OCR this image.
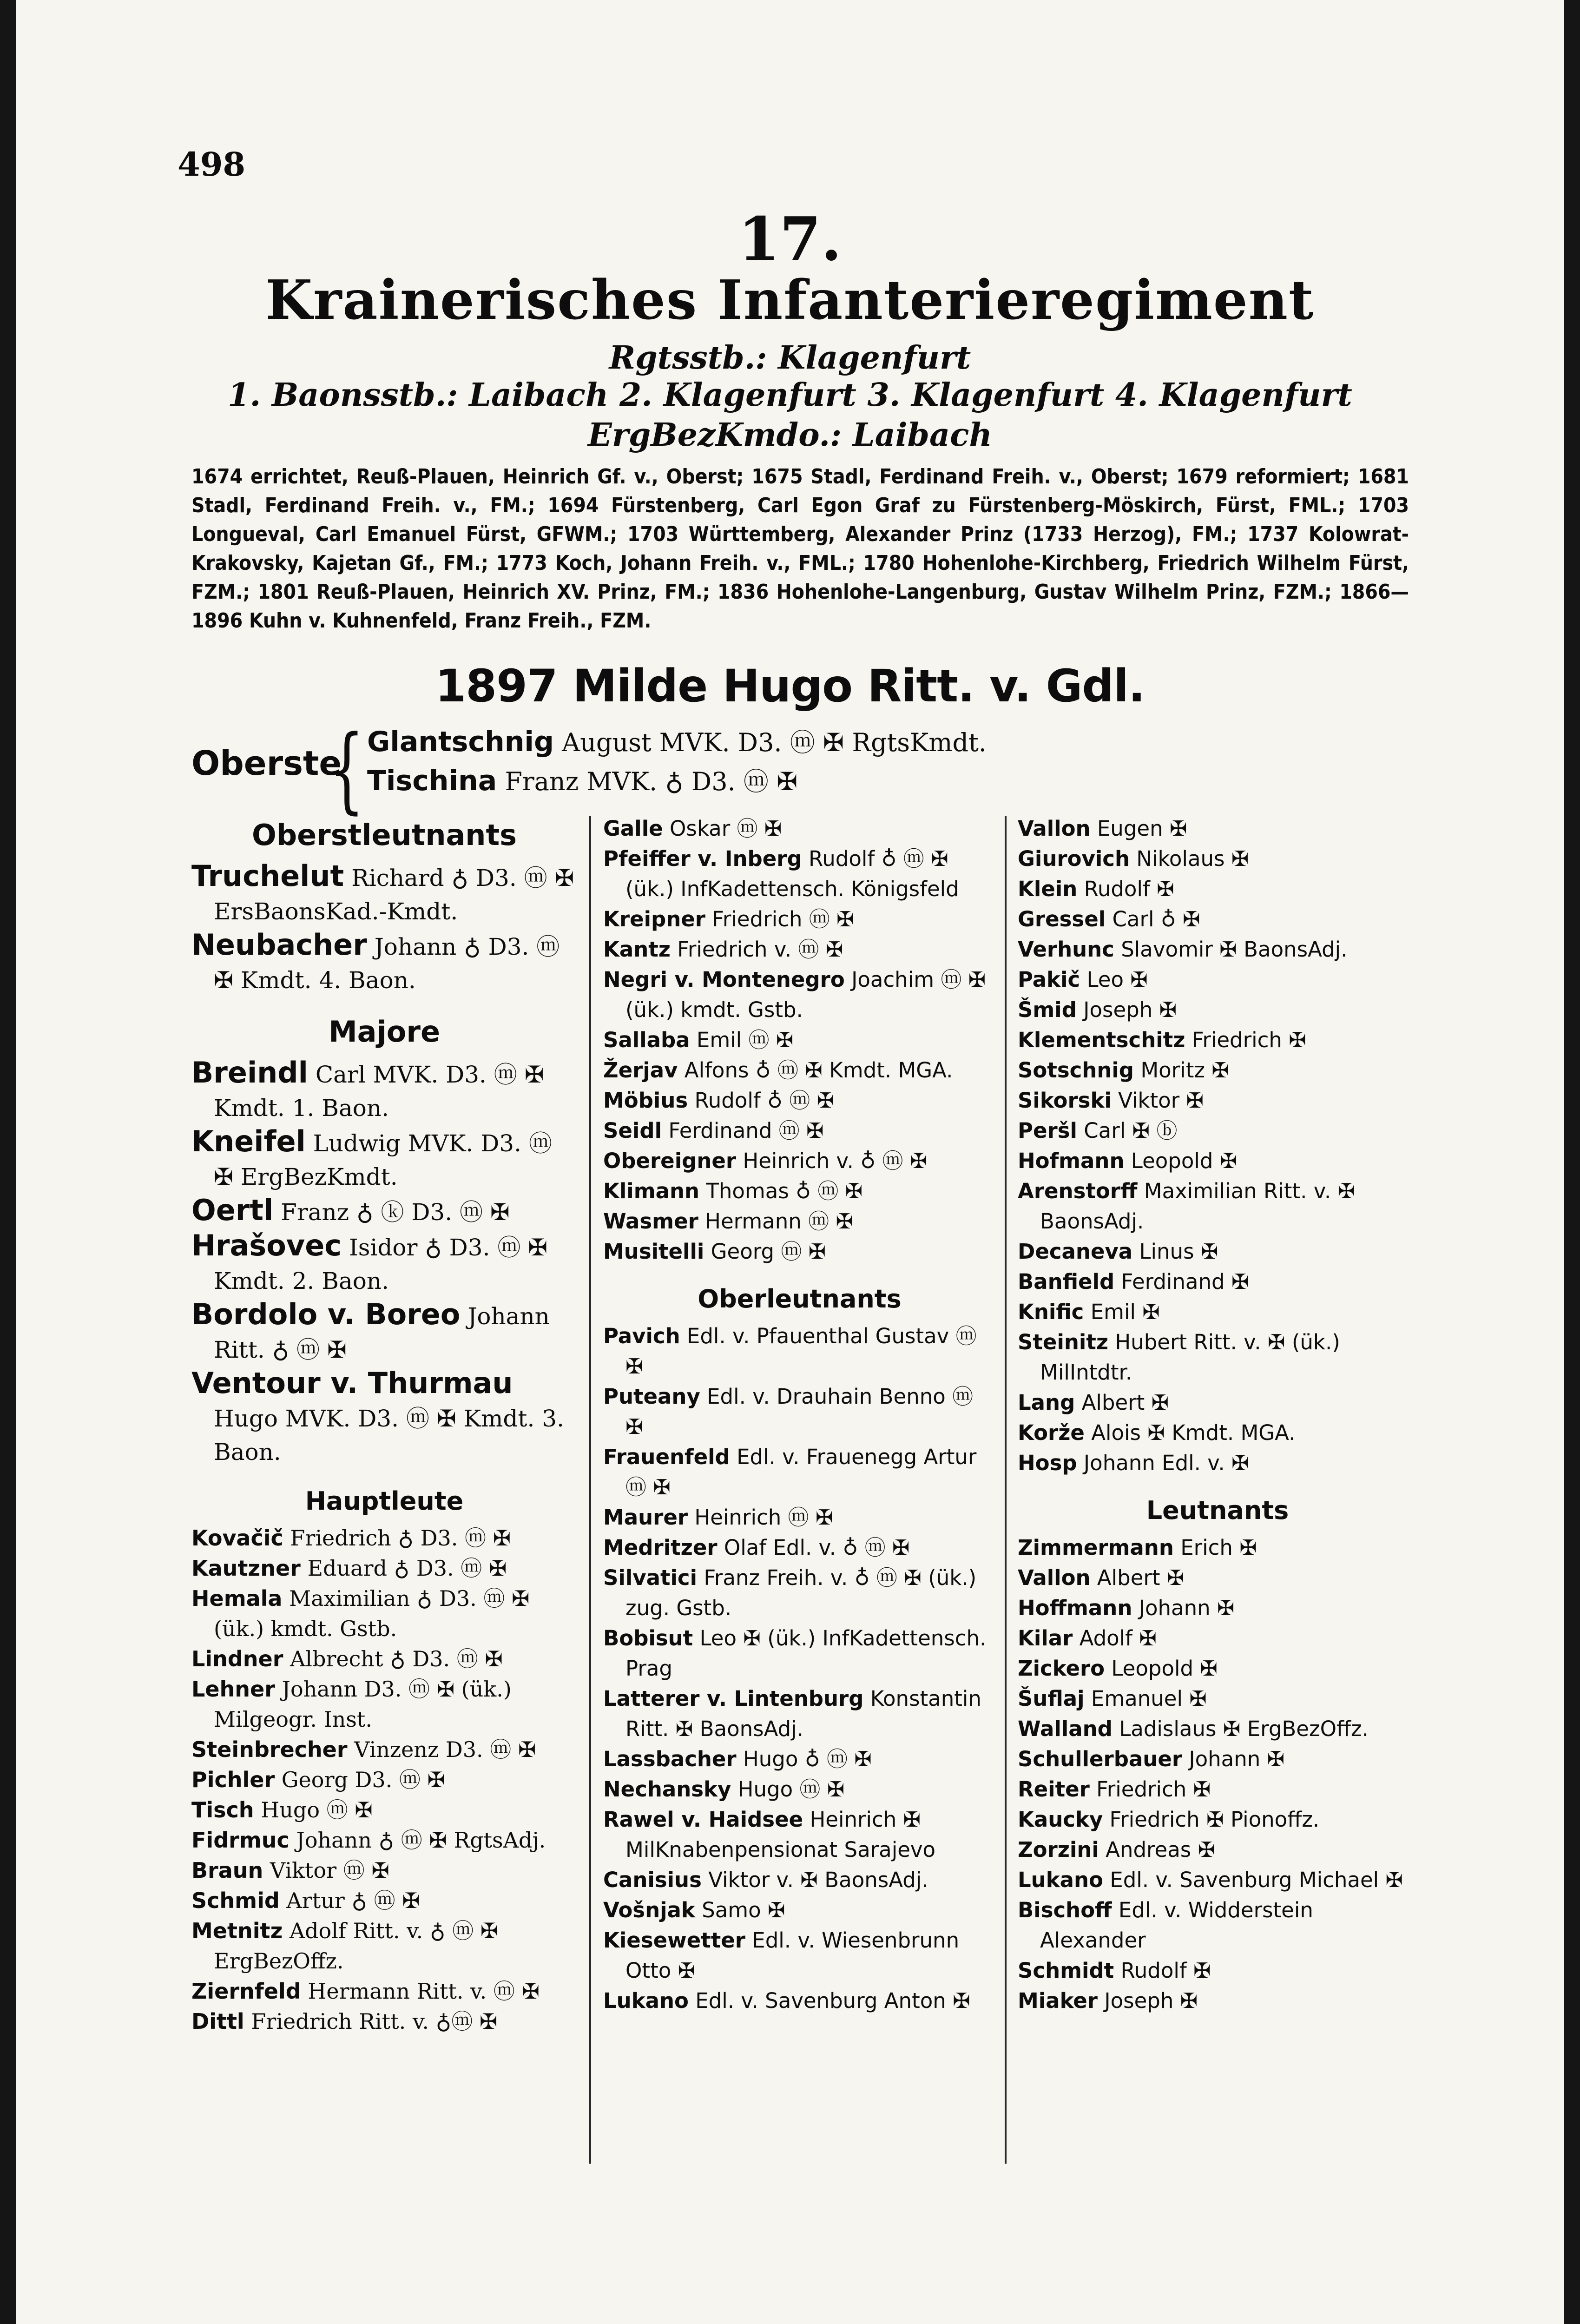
498
17.
Krainerisches Infanterieregiment
Rgtsstb.: Klagenfurt
1. Baonsstb.: Laibach 2. Klagenfurt 3. Klagenfurt 4. Klagenfurt
ErgBezKmdo.: Laibach
1674 errichtet, Reuß-Plauen, Heinrich Gf. v., Oberst; 1675 Stadl, Ferdinand Freih. v., Oberst; 1679 reformiert; 1681 Stadl, Ferdinand Freih. v., FM.; 1694 Fürstenberg, Carl Egon Graf zu Fürstenberg-Möskirch, Fürst, FML.; 1703 Longueval, Carl Emanuel Fürst, GFWM.; 1703 Württemberg, Alexander Prinz (1733 Herzog), FM.; 1737 Kolowrat-Krakovsky, Kajetan Gf., FM.; 1773 Koch, Johann Freih. v., FML.; 1780 Hohenlohe-Kirchberg, Friedrich Wilhelm Fürst, FZM.; 1801 Reuß-Plauen, Heinrich XV. Prinz, FM.; 1836 Hohenlohe-Langenburg, Gustav Wilhelm Prinz, FZM.; 1866—1896 Kuhn v. Kuhnenfeld, Franz Freih., FZM.
1897 Milde Hugo Ritt. v. Gdl.
Oberste
{ Glantschnig August MVK. D3. ⓜ ✠ RgtsKmdt.
Tischina Franz MVK. ♁ D3. ⓜ ✠
Oberstleutnants
Truchelut Richard ♁ D3. ⓜ ✠ ErsBaonsKad.-Kmdt.
Neubacher Johann ♁ D3. ⓜ ✠ Kmdt. 4. Baon.
Majore
Breindl Carl MVK. D3. ⓜ ✠ Kmdt. 1. Baon.
Kneifel Ludwig MVK. D3. ⓜ ✠ ErgBezKmdt.
Oertl Franz ♁ ⓚ D3. ⓜ ✠
Hrašovec Isidor ♁ D3. ⓜ ✠ Kmdt. 2. Baon.
Bordolo v. Boreo Johann Ritt. ♁ ⓜ ✠
Ventour v. Thurmau Hugo MVK. D3. ⓜ ✠ Kmdt. 3. Baon.
Hauptleute
Kovačič Friedrich ♁ D3. ⓜ ✠
Kautzner Eduard ♁ D3. ⓜ ✠
Hemala Maximilian ♁ D3. ⓜ ✠ (ük.) kmdt. Gstb.
Lindner Albrecht ♁ D3. ⓜ ✠
Lehner Johann D3. ⓜ ✠ (ük.) Milgeogr. Inst.
Steinbrecher Vinzenz D3. ⓜ ✠
Pichler Georg D3. ⓜ ✠
Tisch Hugo ⓜ ✠
Fidrmuc Johann ♁ ⓜ ✠ RgtsAdj.
Braun Viktor ⓜ ✠
Schmid Artur ♁ ⓜ ✠
Metnitz Adolf Ritt. v. ♁ ⓜ ✠ ErgBezOffz.
Ziernfeld Hermann Ritt. v. ⓜ ✠
Dittl Friedrich Ritt. v. ♁ⓜ ✠
Galle Oskar ⓜ ✠
Pfeiffer v. Inberg Rudolf ♁ ⓜ ✠ (ük.) InfKadettensch. Königsfeld
Kreipner Friedrich ⓜ ✠
Kantz Friedrich v. ⓜ ✠
Negri v. Montenegro Joachim ⓜ ✠ (ük.) kmdt. Gstb.
Sallaba Emil ⓜ ✠
Žerjav Alfons ♁ ⓜ ✠ Kmdt. MGA.
Möbius Rudolf ♁ ⓜ ✠
Seidl Ferdinand ⓜ ✠
Obereigner Heinrich v. ♁ ⓜ ✠
Klimann Thomas ♁ ⓜ ✠
Wasmer Hermann ⓜ ✠
Musitelli Georg ⓜ ✠
Oberleutnants
Pavich Edl. v. Pfauenthal Gustav ⓜ ✠
Puteany Edl. v. Drauhain Benno ⓜ ✠
Frauenfeld Edl. v. Frauenegg Artur ⓜ ✠
Maurer Heinrich ⓜ ✠
Medritzer Olaf Edl. v. ♁ ⓜ ✠
Silvatici Franz Freih. v. ♁ ⓜ ✠ (ük.) zug. Gstb.
Bobisut Leo ✠ (ük.) InfKadettensch. Prag
Latterer v. Lintenburg Konstantin Ritt. ✠ BaonsAdj.
Lassbacher Hugo ♁ ⓜ ✠
Nechansky Hugo ⓜ ✠
Rawel v. Haidsee Heinrich ✠ MilKnabenpensionat Sarajevo
Canisius Viktor v. ✠ BaonsAdj.
Vošnjak Samo ✠
Kiesewetter Edl. v. Wiesenbrunn Otto ✠
Lukano Edl. v. Savenburg Anton ✠
Vallon Eugen ✠
Giurovich Nikolaus ✠
Klein Rudolf ✠
Gressel Carl ♁ ✠
Verhunc Slavomir ✠ BaonsAdj.
Pakič Leo ✠
Šmid Joseph ✠
Klementschitz Friedrich ✠
Sotschnig Moritz ✠
Sikorski Viktor ✠
Peršl Carl ✠ ⓑ
Hofmann Leopold ✠
Arenstorff Maximilian Ritt. v. ✠ BaonsAdj.
Decaneva Linus ✠
Banfield Ferdinand ✠
Knific Emil ✠
Steinitz Hubert Ritt. v. ✠ (ük.) MilIntdtr.
Lang Albert ✠
Korže Alois ✠ Kmdt. MGA.
Hosp Johann Edl. v. ✠
Leutnants
Zimmermann Erich ✠
Vallon Albert ✠
Hoffmann Johann ✠
Kilar Adolf ✠
Zickero Leopold ✠
Šuflaj Emanuel ✠
Walland Ladislaus ✠ ErgBezOffz.
Schullerbauer Johann ✠
Reiter Friedrich ✠
Kaucky Friedrich ✠ Pionoffz.
Zorzini Andreas ✠
Lukano Edl. v. Savenburg Michael ✠
Bischoff Edl. v. Widderstein Alexander
Schmidt Rudolf ✠
Miaker Joseph ✠
